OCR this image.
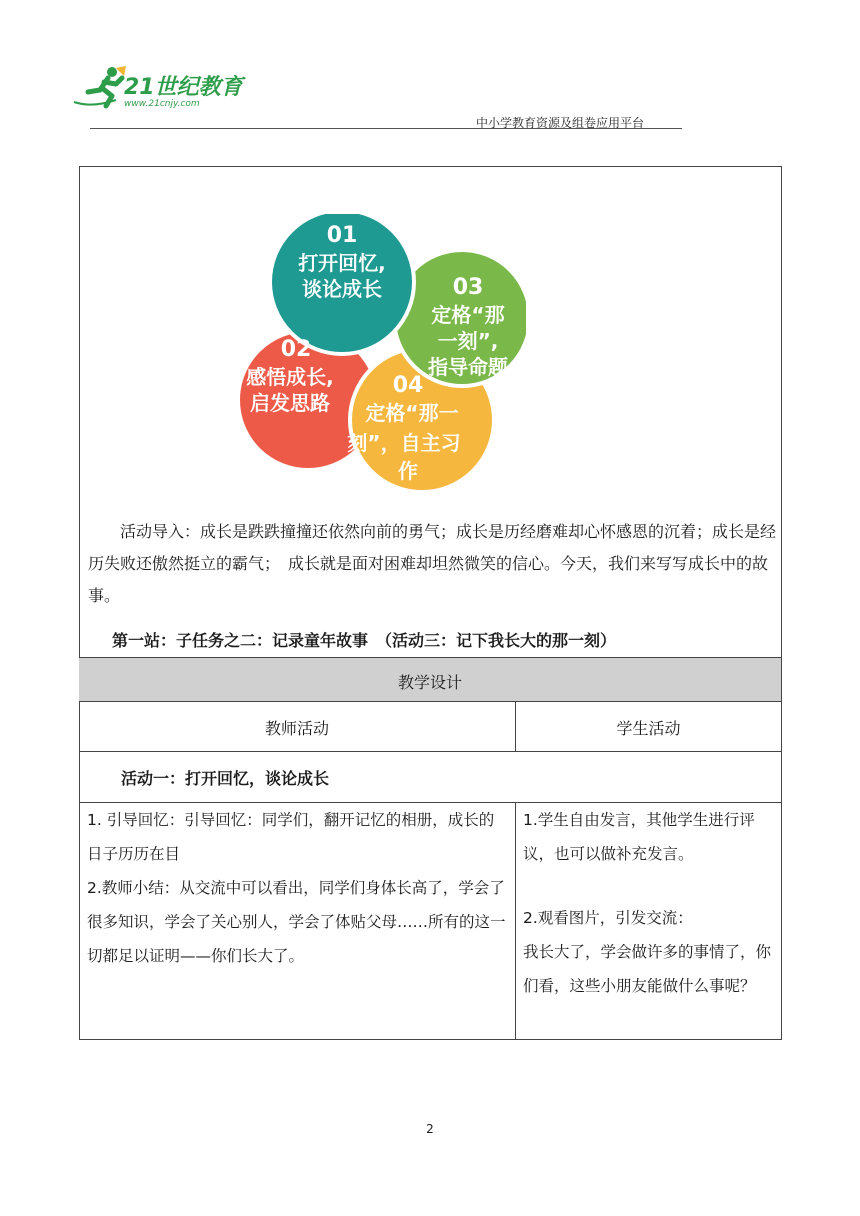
21世纪教育
www.21cnjy.com
中小学教育资源及组卷应用平台
01
打开回忆,
谈论成长	03
定格“那
一刻”,
指导命题
02
感悟成长,
启发思路
04
定格“那一
刻”，自主习
作
活动导入：成长是跌跌撞撞还依然向前的勇气；成长是历经磨难却心怀感恩的沉着；成长是经历失败还傲然挺立的霸气；　成长就是面对困难却坦然微笑的信心。今天，我们来写写成长中的故事。
第一站：子任务之二：记录童年故事　（活动三：记下我长大的那一刻）
教学设计
教师活动	学生活动
活动一：打开回忆，谈论成长

1. 引导回忆：引导回忆：同学们，翻开记忆的相册，成长的日子历历在目

2.教师小结：从交流中可以看出，同学们身体长高了，学会了很多知识，学会了关心别人，学会了体贴父母……所有的这一切都足以证明——你们长大了。

1.学生自由发言，其他学生进行评议，也可以做补充发言。

2.观看图片，引发交流：

我长大了，学会做许多的事情了，你们看，这些小朋友能做什么事呢？

2
